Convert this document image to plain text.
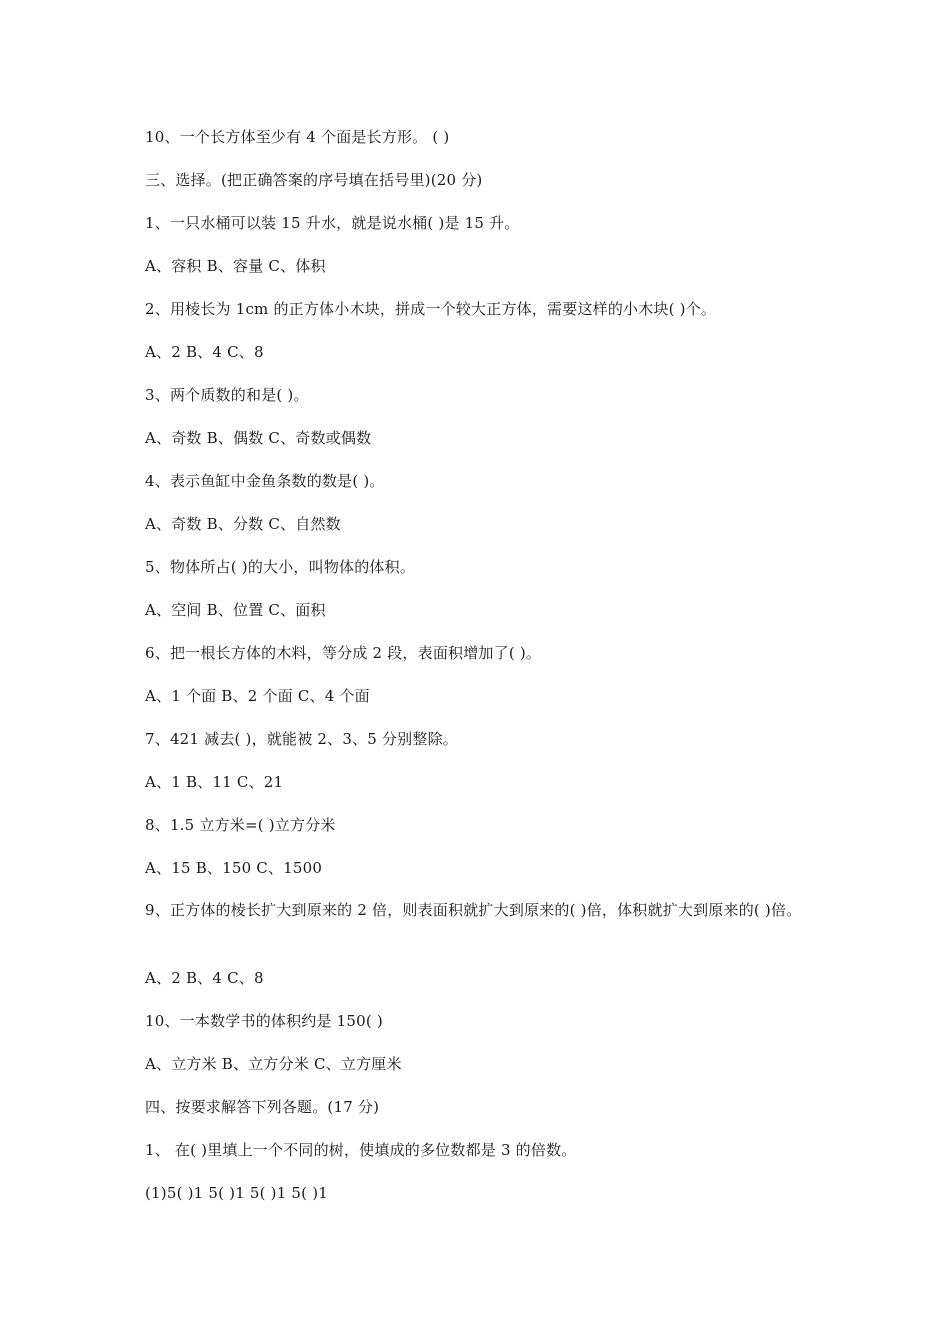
10、一个长方体至少有 4 个面是长方形。 ( )
三、选择。(把正确答案的序号填在括号里)(20 分)
1、一只水桶可以装 15 升水，就是说水桶( )是 15 升。
A、容积 B、容量 C、体积
2、用棱长为 1cm 的正方体小木块，拼成一个较大正方体，需要这样的小木块( )个。
A、2 B、4 C、8
3、两个质数的和是( )。
A、奇数 B、偶数 C、奇数或偶数
4、表示鱼缸中金鱼条数的数是( )。
A、奇数 B、分数 C、自然数
5、物体所占( )的大小，叫物体的体积。
A、空间 B、位置 C、面积
6、把一根长方体的木料，等分成 2 段，表面积增加了( )。
A、1 个面 B、2 个面 C、4 个面
7、421 减去( )，就能被 2、3、5 分别整除。
A、1 B、11 C、21
8、1.5 立方米=( )立方分米
A、15 B、150 C、1500
9、正方体的棱长扩大到原来的 2 倍，则表面积就扩大到原来的( )倍，体积就扩大到原来的( )倍。
A、2 B、4 C、8
10、一本数学书的体积约是 150( )
A、立方米 B、立方分米 C、立方厘米
四、按要求解答下列各题。(17 分)
1、 在( )里填上一个不同的树，使填成的多位数都是 3 的倍数。
(1)5( )1 5( )1 5( )1 5( )1
